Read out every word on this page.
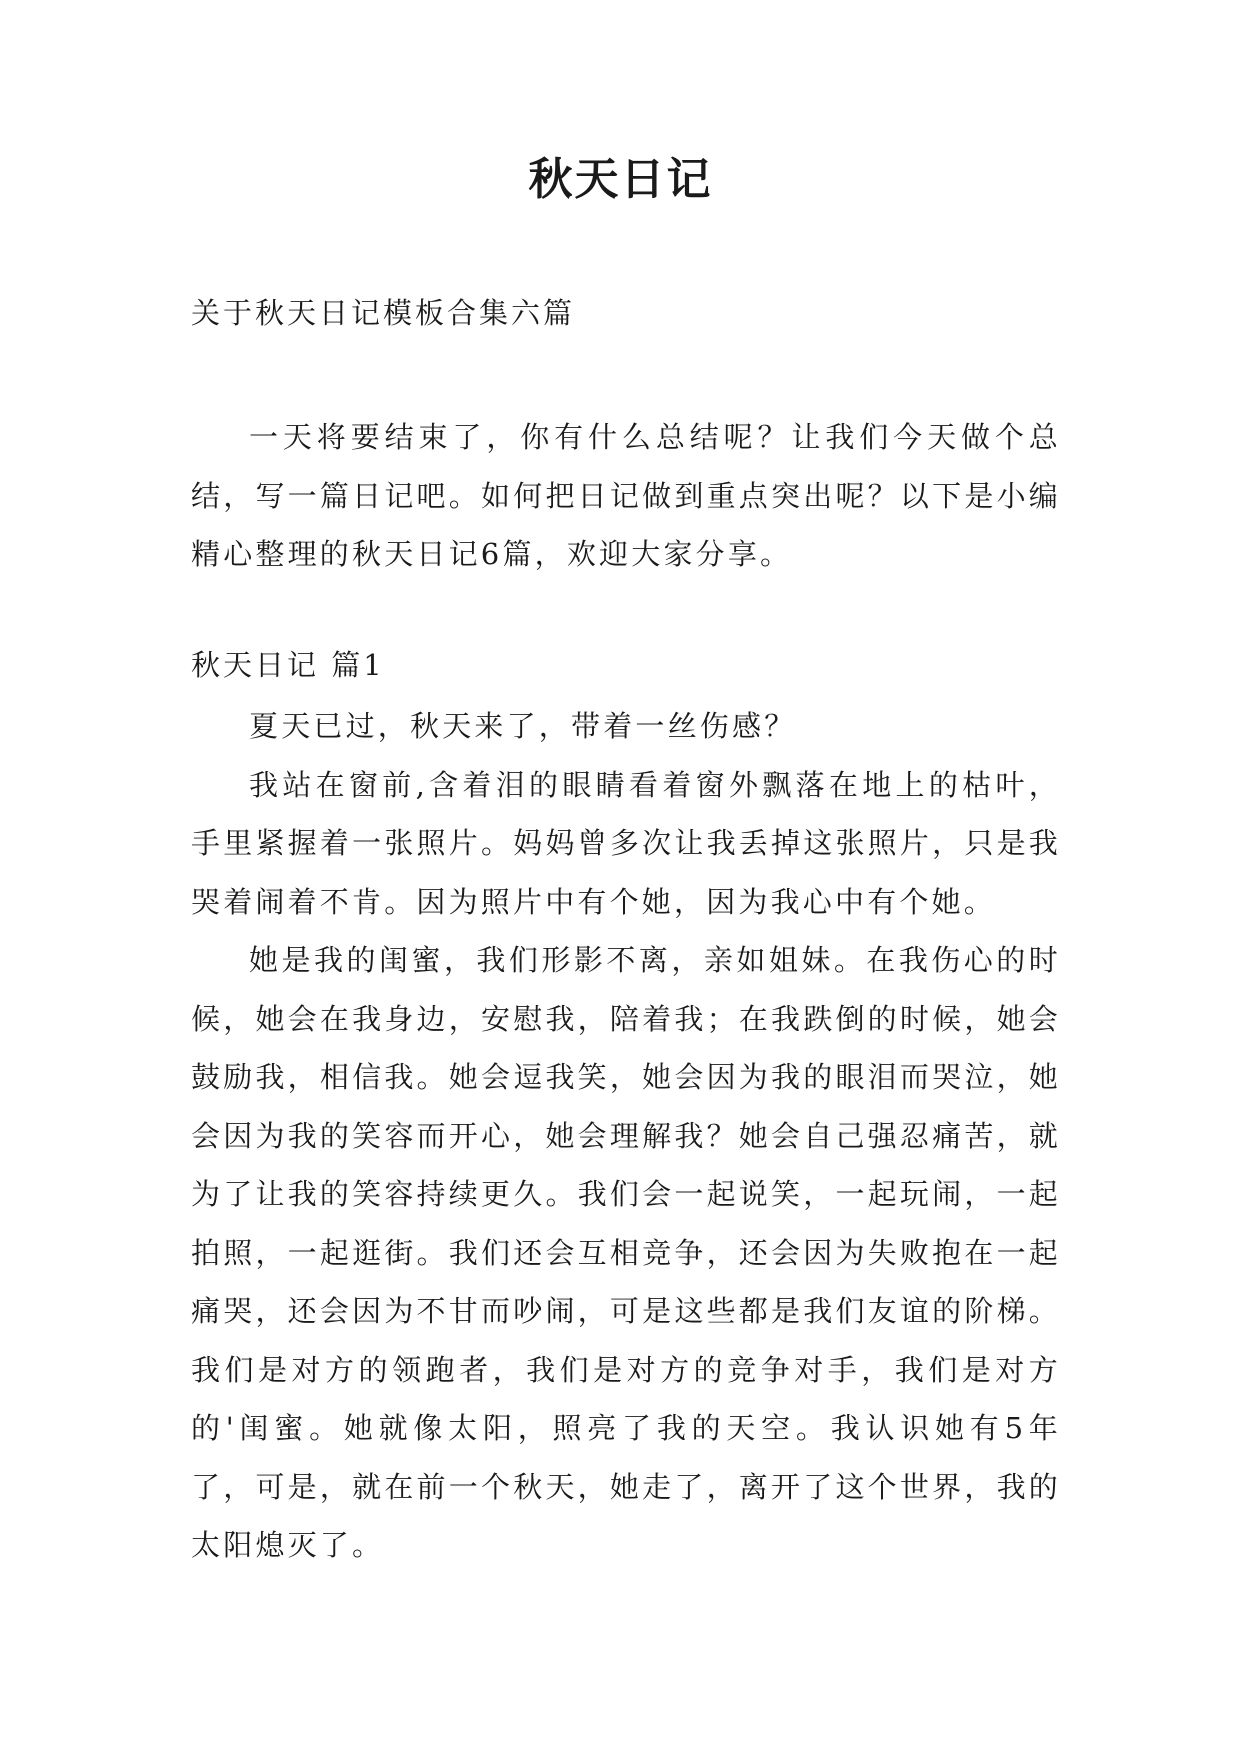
秋天日记
关于秋天日记模板合集六篇

一天将要结束了，你有什么总结呢？让我们今天做个总结，写一篇日记吧。如何把日记做到重点突出呢？以下是小编精心整理的秋天日记6篇，欢迎大家分享。

秋天日记 篇1

夏天已过，秋天来了，带着一丝伤感？

我站在窗前,含着泪的眼睛看着窗外飘落在地上的枯叶，手里紧握着一张照片。妈妈曾多次让我丢掉这张照片，只是我哭着闹着不肯。因为照片中有个她，因为我心中有个她。

她是我的闺蜜，我们形影不离，亲如姐妹。在我伤心的时候，她会在我身边，安慰我，陪着我；在我跌倒的时候，她会鼓励我，相信我。她会逗我笑，她会因为我的眼泪而哭泣，她会因为我的笑容而开心，她会理解我？她会自己强忍痛苦，就为了让我的笑容持续更久。我们会一起说笑，一起玩闹，一起拍照，一起逛街。我们还会互相竞争，还会因为失败抱在一起痛哭，还会因为不甘而吵闹，可是这些都是我们友谊的阶梯。我们是对方的领跑者，我们是对方的竞争对手，我们是对方的'闺蜜。她就像太阳，照亮了我的天空。我认识她有5年了，可是，就在前一个秋天，她走了，离开了这个世界，我的太阳熄灭了。
